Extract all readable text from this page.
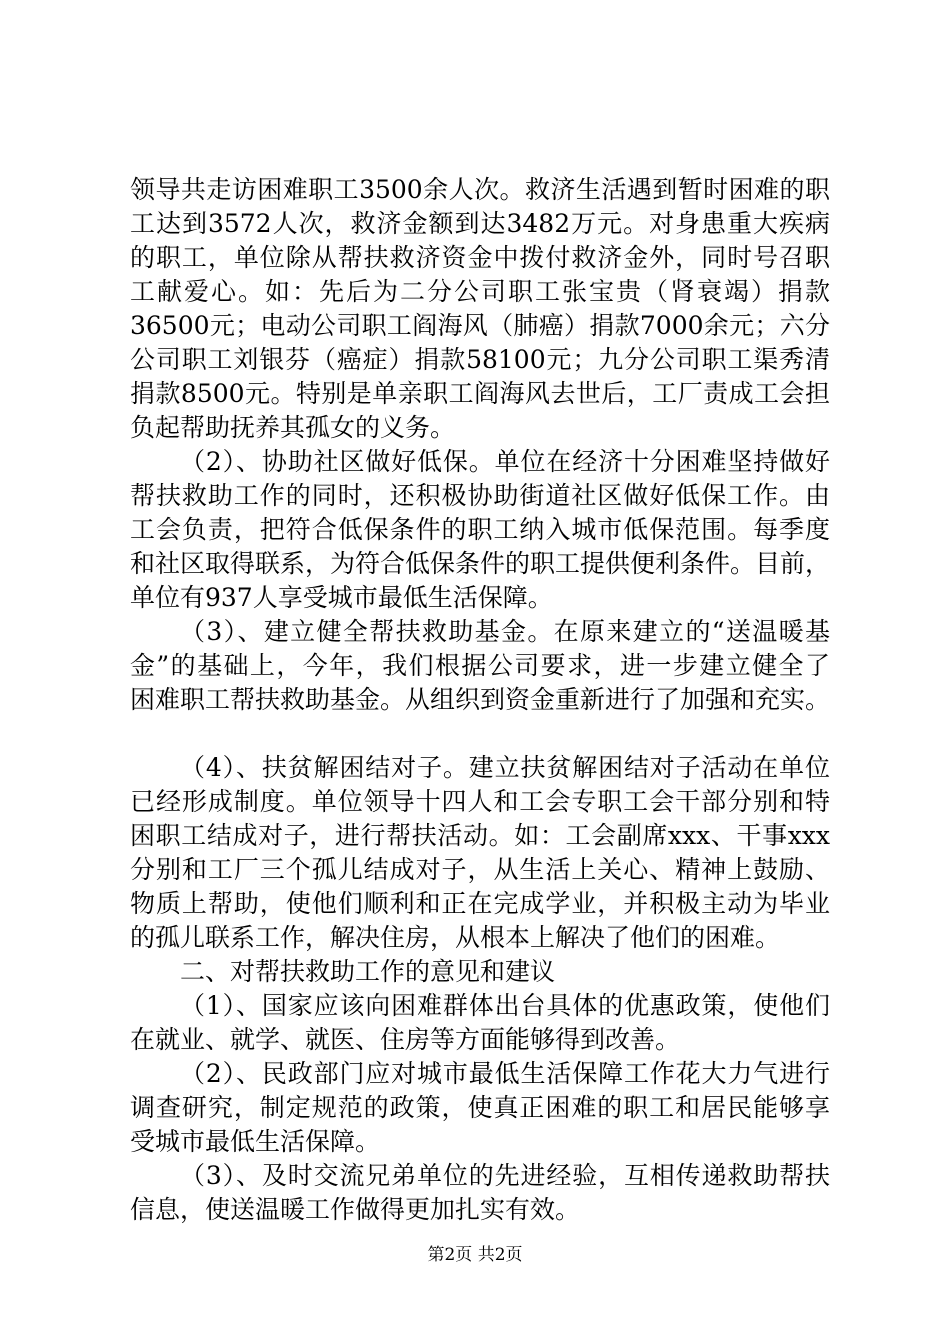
领导共走访困难职工3500余人次。救济生活遇到暂时困难的职
工达到3572人次，救济金额到达3482万元。对身患重大疾病
的职工，单位除从帮扶救济资金中拨付救济金外，同时号召职
工献爱心。如：先后为二分公司职工张宝贵（肾衰竭）捐款
36500元；电动公司职工阎海风（肺癌）捐款7000余元；六分
公司职工刘银芬（癌症）捐款58100元；九分公司职工渠秀清
捐款8500元。特别是单亲职工阎海风去世后，工厂责成工会担
负起帮助抚养其孤女的义务。
（2）、协助社区做好低保。单位在经济十分困难坚持做好
帮扶救助工作的同时，还积极协助街道社区做好低保工作。由
工会负责，把符合低保条件的职工纳入城市低保范围。每季度
和社区取得联系，为符合低保条件的职工提供便利条件。目前，
单位有937人享受城市最低生活保障。
（3）、建立健全帮扶救助基金。在原来建立的“送温暖基
金”的基础上，今年，我们根据公司要求，进一步建立健全了
困难职工帮扶救助基金。从组织到资金重新进行了加强和充实。
（4）、扶贫解困结对子。建立扶贫解困结对子活动在单位
已经形成制度。单位领导十四人和工会专职工会干部分别和特
困职工结成对子，进行帮扶活动。如：工会副席xxx、干事xxx
分别和工厂三个孤儿结成对子，从生活上关心、精神上鼓励、
物质上帮助，使他们顺利和正在完成学业，并积极主动为毕业
的孤儿联系工作，解决住房，从根本上解决了他们的困难。
二、对帮扶救助工作的意见和建议
（1）、国家应该向困难群体出台具体的优惠政策，使他们
在就业、就学、就医、住房等方面能够得到改善。
（2）、民政部门应对城市最低生活保障工作花大力气进行
调查研究，制定规范的政策，使真正困难的职工和居民能够享
受城市最低生活保障。
（3）、及时交流兄弟单位的先进经验，互相传递救助帮扶
信息，使送温暖工作做得更加扎实有效。
第2页 共2页
